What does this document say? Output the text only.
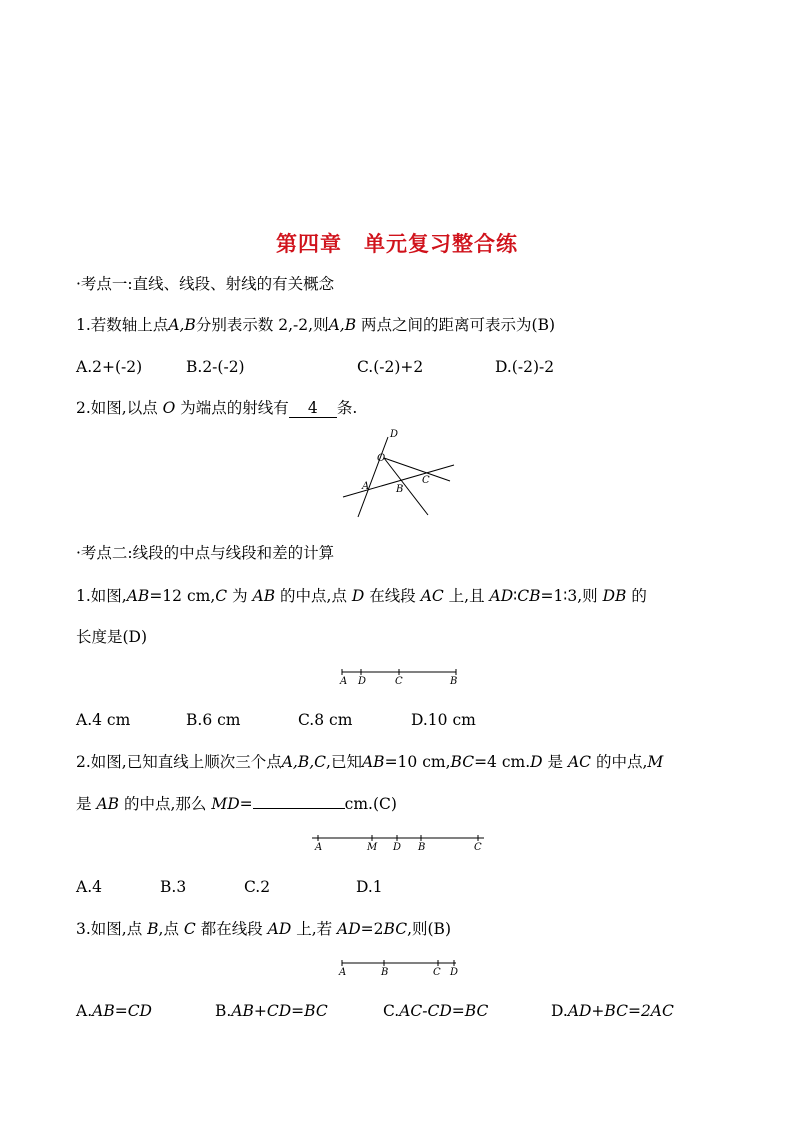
第四章　单元复习整合练
·考点一:直线、线段、射线的有关概念
1.若数轴上点A,B分别表示数 2,-2,则A,B 两点之间的距离可表示为(B)
A.2+(-2)	B.2-(-2)	C.(-2)+2	D.(-2)-2
2.如图,以点 O 为端点的射线有 4 条.
D
O
A	B
C
·考点二:线段的中点与线段和差的计算
1.如图,AB=12 cm,C 为 AB 的中点,点 D 在线段 AC 上,且 AD∶CB=1∶3,则 DB 的
长度是(D)
A D	C	B
A.4 cm	B.6 cm	C.8 cm	D.10 cm
2.如图,已知直线上顺次三个点A,B,C,已知AB=10 cm,BC=4 cm.D 是 AC 的中点,M
是 AB 的中点,那么 MD=	cm.(C)
A	M D B	C
A.4	B.3	C.2	D.1
3.如图,点 B,点 C 都在线段 AD 上,若 AD=2BC,则(B)
A	B	C D
A.AB=CD	B.AB+CD=BC	C.AC-CD=BC	D.AD+BC=2AC
